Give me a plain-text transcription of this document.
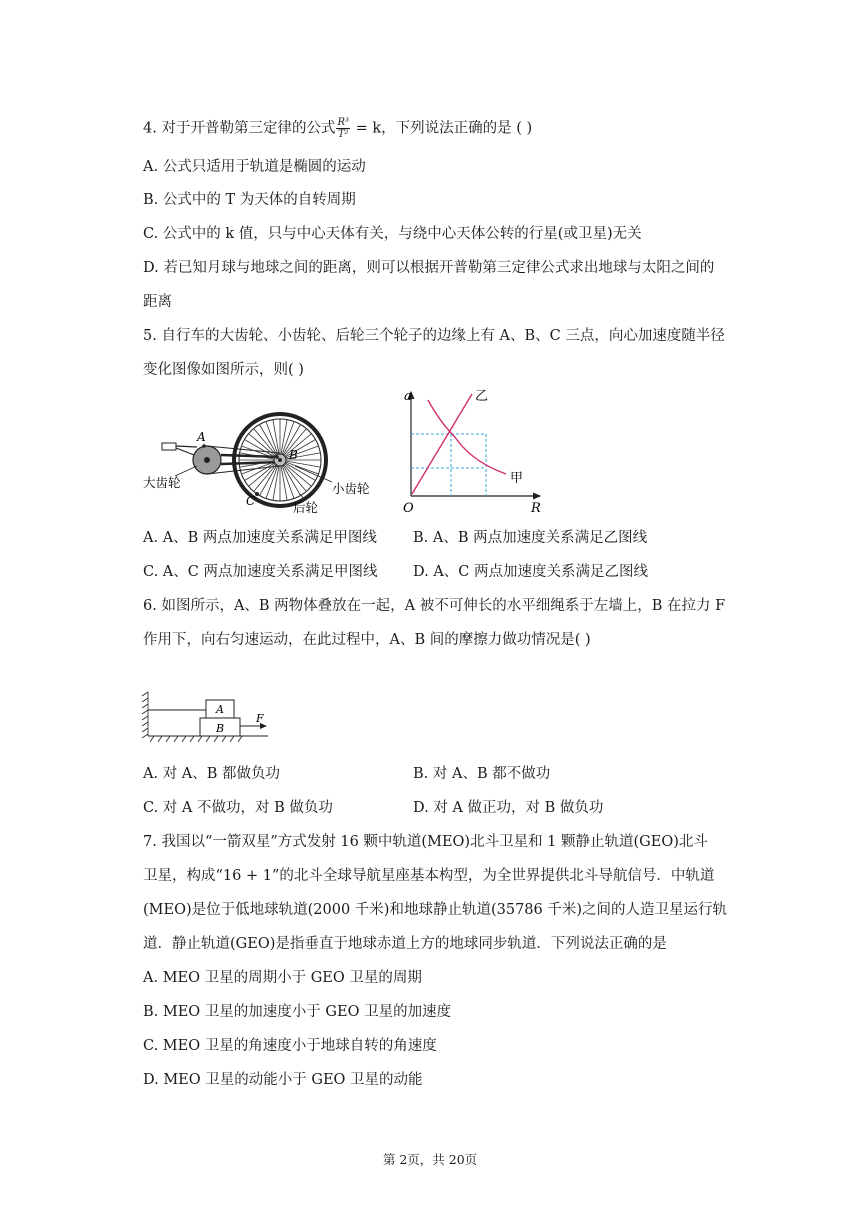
4. 对于开普勒第三定律的公式 $\frac{\text{R³}}{\text{T²}} = k$，下列说法正确的是 ( )
A. 公式只适用于轨道是椭圆的运动
B. 公式中的 T 为天体的自转周期
C. 公式中的 k 值，只与中心天体有关，与绕中心天体公转的行星(或卫星)无关
D. 若已知月球与地球之间的距离，则可以根据开普勒第三定律公式求出地球与太阳之间的
距离
5. 自行车的大齿轮、小齿轮、后轮三个轮子的边缘上有 A、B、C 三点，向心加速度随半径
变化图像如图所示，则( )
A
B
C
大齿轮	小齿轮
后轮
a
R
O
乙
甲
A. A、B 两点加速度关系满足甲图线 B. A、B 两点加速度关系满足乙图线
C. A、C 两点加速度关系满足甲图线 D. A、C 两点加速度关系满足乙图线
6. 如图所示，A、B 两物体叠放在一起，A 被不可伸长的水平细绳系于左墙上，B 在拉力 F
作用下，向右匀速运动，在此过程中，A、B 间的摩擦力做功情况是( )
A
B
F
A. 对 A、B 都做负功	B. 对 A、B 都不做功
C. 对 A 不做功，对 B 做负功	D. 对 A 做正功，对 B 做负功
7. 我国以“一箭双星”方式发射 16 颗中轨道(MEO)北斗卫星和 1 颗静止轨道(GEO)北斗
卫星，构成“16 + 1”的北斗全球导航星座基本构型，为全世界提供北斗导航信号．中轨道
(MEO)是位于低地球轨道(2000 千米)和地球静止轨道(35786 千米)之间的人造卫星运行轨
道．静止轨道(GEO)是指垂直于地球赤道上方的地球同步轨道．下列说法正确的是
A. MEO 卫星的周期小于 GEO 卫星的周期
B. MEO 卫星的加速度小于 GEO 卫星的加速度
C. MEO 卫星的角速度小于地球自转的角速度
D. MEO 卫星的动能小于 GEO 卫星的动能
第 2页，共 20页
